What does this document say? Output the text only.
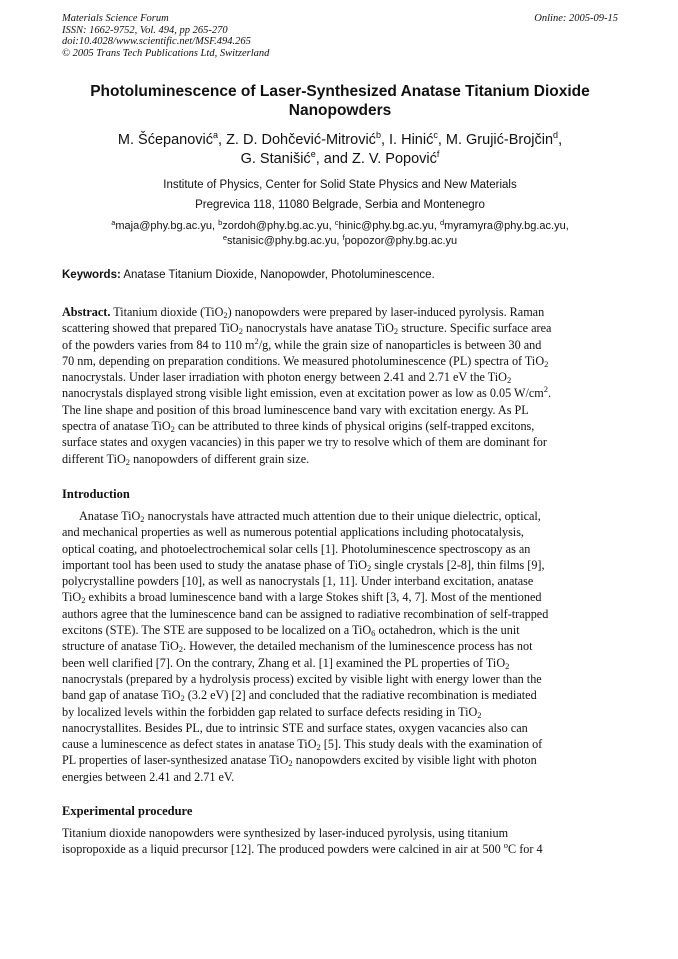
Materials Science Forum
ISSN: 1662-9752, Vol. 494, pp 265-270
doi:10.4028/www.scientific.net/MSF.494.265
© 2005 Trans Tech Publications Ltd, Switzerland
Online: 2005-09-15
Photoluminescence of Laser-Synthesized Anatase Titanium Dioxide
Nanopowders
M. Šćepanović$^a$, Z. D. Dohčević-Mitrović$^b$, I. Hinić$^c$, M. Grujić-Brojčin$^d$,
G. Stanišić$^e$, and Z. V. Popović$^f$
Institute of Physics, Center for Solid State Physics and New Materials
Pregrevica 118, 11080 Belgrade, Serbia and Montenegro
$^a$maja@phy.bg.ac.yu, $^b$zordoh@phy.bg.ac.yu, $^c$hinic@phy.bg.ac.yu, $^d$myramyra@phy.bg.ac.yu,
$^e$stanisic@phy.bg.ac.yu, $^f$popozor@phy.bg.ac.yu
Keywords: Anatase Titanium Dioxide, Nanopowder, Photoluminescence.
Abstract. Titanium dioxide (TiO$_2$) nanopowders were prepared by laser-induced pyrolysis. Raman
scattering showed that prepared TiO$_2$ nanocrystals have anatase TiO$_2$ structure. Specific surface area
of the powders varies from 84 to 110 $m^2/g$, while the grain size of nanoparticles is between 30 and
70 nm, depending on preparation conditions. We measured photoluminescence (PL) spectra of TiO$_2$
nanocrystals. Under laser irradiation with photon energy between 2.41 and 2.71 eV the TiO$_2$
nanocrystals displayed strong visible light emission, even at excitation power as low as 0.05 $W/cm^2$.
The line shape and position of this broad luminescence band vary with excitation energy. As PL
spectra of anatase TiO$_2$ can be attributed to three kinds of physical origins (self-trapped excitons,
surface states and oxygen vacancies) in this paper we try to resolve which of them are dominant for
different TiO$_2$ nanopowders of different grain size.
Introduction
Anatase TiO$_2$ nanocrystals have attracted much attention due to their unique dielectric, optical,
and mechanical properties as well as numerous potential applications including photocatalysis,
optical coating, and photoelectrochemical solar cells [1]. Photoluminescence spectroscopy as an
important tool has been used to study the anatase phase of TiO$_2$ single crystals [2-8], thin films [9],
polycrystalline powders [10], as well as nanocrystals [1, 11]. Under interband excitation, anatase
TiO$_2$ exhibits a broad luminescence band with a large Stokes shift [3, 4, 7]. Most of the mentioned
authors agree that the luminescence band can be assigned to radiative recombination of self-trapped
excitons (STE). The STE are supposed to be localized on a TiO$_6$ octahedron, which is the unit
structure of anatase TiO$_2$. However, the detailed mechanism of the luminescence process has not
been well clarified [7]. On the contrary, Zhang et al. [1] examined the PL properties of TiO$_2$
nanocrystals (prepared by a hydrolysis process) excited by visible light with energy lower than the
band gap of anatase TiO$_2$ (3.2 eV) [2] and concluded that the radiative recombination is mediated
by localized levels within the forbidden gap related to surface defects residing in TiO$_2$
nanocrystallites. Besides PL, due to intrinsic STE and surface states, oxygen vacancies also can
cause a luminescence as defect states in anatase TiO$_2$ [5]. This study deals with the examination of
PL properties of laser-synthesized anatase TiO$_2$ nanopowders excited by visible light with photon
energies between 2.41 and 2.71 eV.
Experimental procedure
Titanium dioxide nanopowders were synthesized by laser-induced pyrolysis, using titanium
isopropoxide as a liquid precursor [12]. The produced powders were calcined in air at 500 $^o$C for 4
